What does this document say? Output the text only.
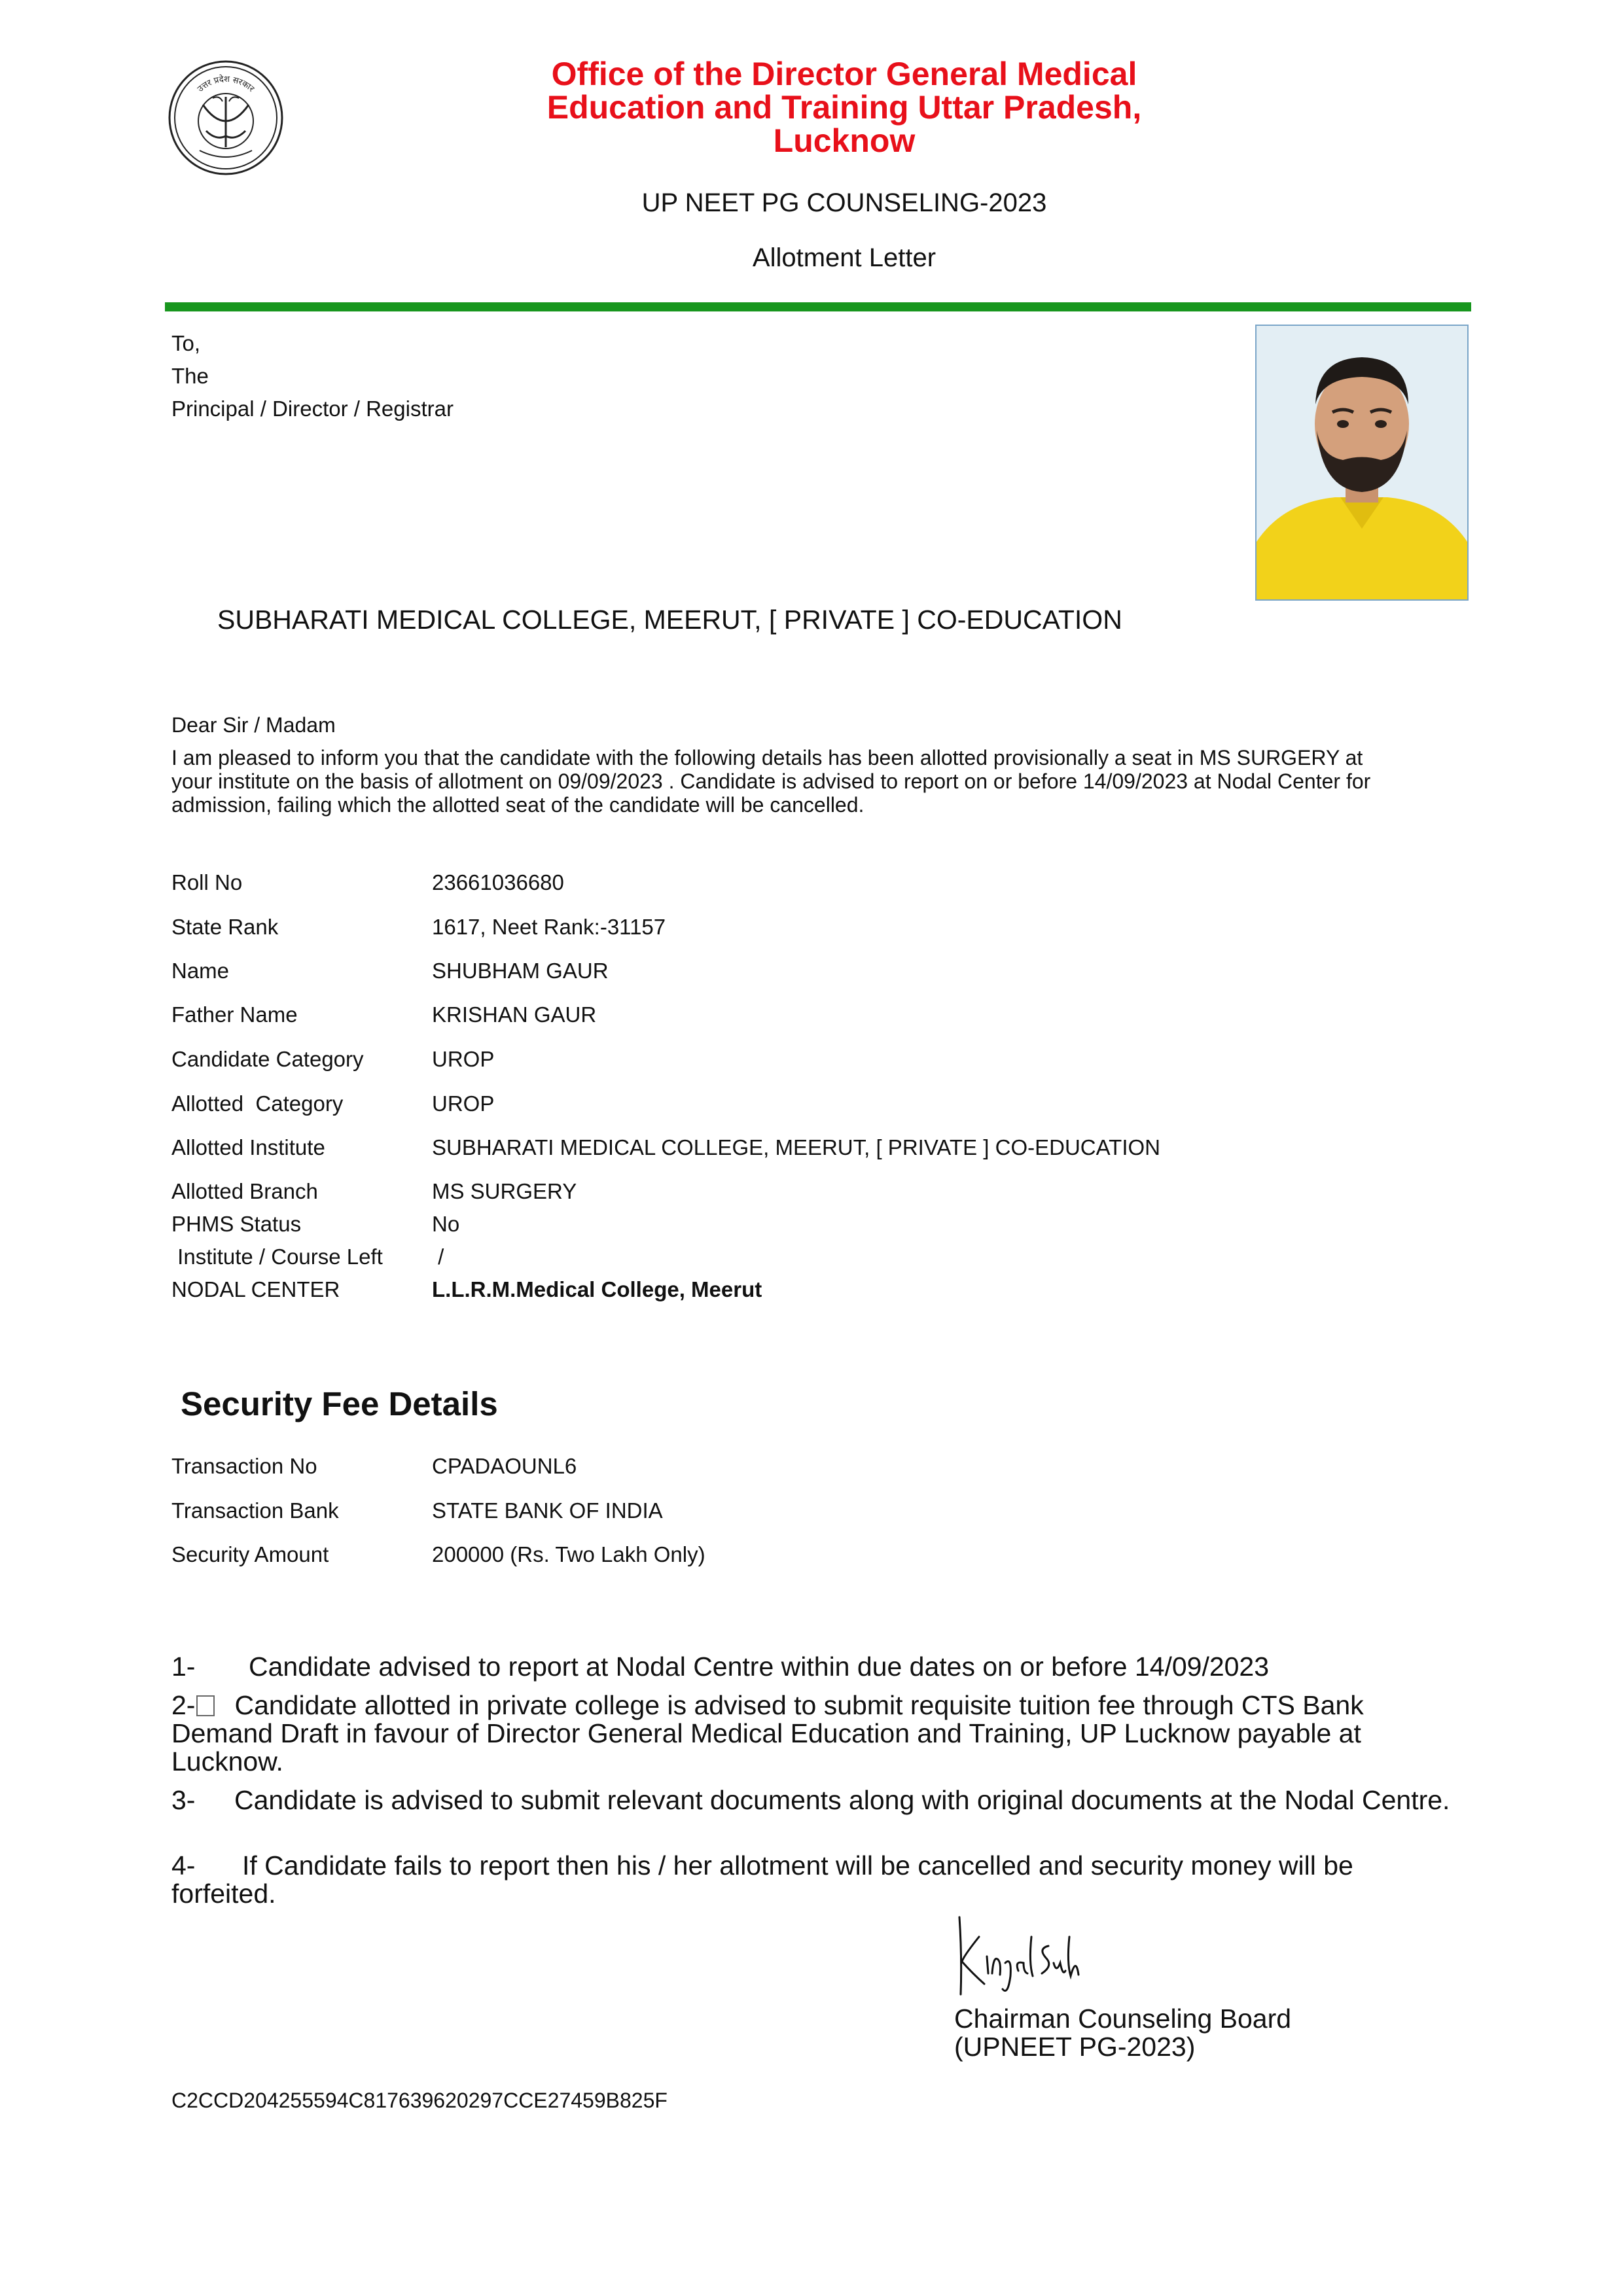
उत्तर प्रदेश सरकार	Office of the Director General Medical
Education and Training Uttar Pradesh,
Lucknow
UP NEET PG COUNSELING-2023
Allotment Letter
To,
The
Principal / Director / Registrar
SUBHARATI MEDICAL COLLEGE, MEERUT, [ PRIVATE ] CO-EDUCATION
Dear Sir / Madam
I am pleased to inform you that the candidate with the following details has been allotted provisionally a seat in MS SURGERY at
your institute on the basis of allotment on 09/09/2023 . Candidate is advised to report on or before 14/09/2023 at Nodal Center for
admission, failing which the allotted seat of the candidate will be cancelled.
Roll No	23661036680
State Rank	1617, Neet Rank:-31157
Name	SHUBHAM GAUR
Father Name	KRISHAN GAUR
Candidate Category	UROP
Allotted  Category	UROP
Allotted Institute	SUBHARATI MEDICAL COLLEGE, MEERUT, [ PRIVATE ] CO-EDUCATION
Allotted Branch	MS SURGERY
PHMS Status	No
Institute / Course Left /
NODAL CENTER	L.L.R.M.Medical College, Meerut
Security Fee Details
Transaction No	CPADAOUNL6
Transaction Bank	STATE BANK OF INDIA
Security Amount	200000 (Rs. Two Lakh Only)
1- Candidate advised to report at Nodal Centre within due dates on or before 14/09/2023
2- Candidate allotted in private college is advised to submit requisite tuition fee through CTS Bank Demand Draft in favour of Director General Medical Education and Training, UP Lucknow payable at Lucknow.
3- Candidate is advised to submit relevant documents along with original documents at the Nodal Centre.
4- If Candidate fails to report then his / her allotment will be cancelled and security money will be forfeited.
Kinjal Singh
Chairman Counseling Board
(UPNEET PG-2023)
C2CCD204255594C817639620297CCE27459B825F
